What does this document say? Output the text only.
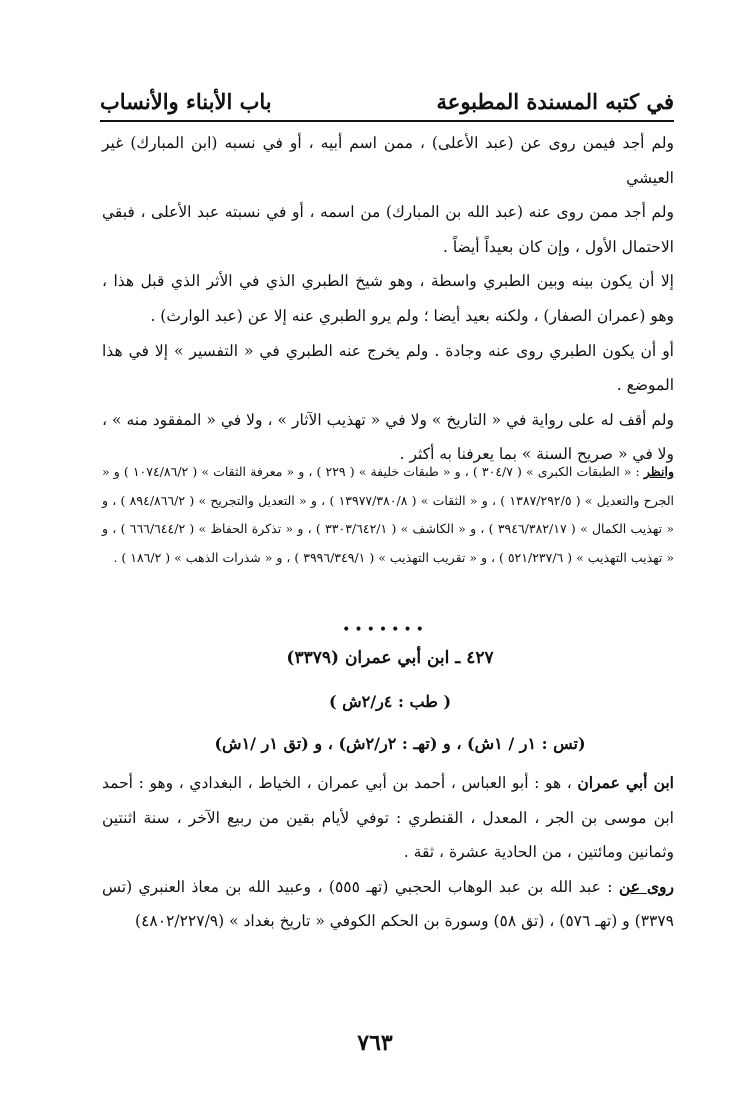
في كتبه المسندة المطبوعة
باب الأبناء والأنساب

ولم أجد فيمن روى عن (عبد الأعلى) ، ممن اسم أبيه ، أو في نسبه (ابن المبارك) غير العيشي

ولم أجد ممن روى عنه (عبد الله بن المبارك) من اسمه ، أو في نسبته عبد الأعلى ، فبقي الاحتمال الأول ، وإن كان بعيداً أيضاً .

إلا أن يكون بينه وبين الطبري واسطة ، وهو شيخ الطبري الذي في الأثر الذي قبل هذا ، وهو (عمران الصفار) ، ولكنه بعيد أيضا ؛ ولم يرو الطبري عنه إلا عن (عبد الوارث) .

أو أن يكون الطبري روى عنه وجادة . ولم يخرج عنه الطبري في « التفسير » إلا في هذا الموضع .

ولم أقف له على رواية في « التاريخ » ولا في « تهذيب الآثار » ، ولا في « المفقود منه » ، ولا في « صريح السنة » بما يعرفنا به أكثر .

وانظر : « الطبقات الكبرى » ( ٣٠٤/٧ ) ، و « طبقات خليفة » ( ٢٢٩ ) ، و « معرفة الثقات » ( ١٠٧٤/٨٦/٢ ) و « الجرح والتعديل » ( ١٣٨٧/٢٩٢/٥ ) ، و « الثقات » ( ١٣٩٧٧/٣٨٠/٨ ) ، و « التعديل والتجريح » ( ٨٩٤/٨٦٦/٢ ) ، و « تهذيب الكمال » ( ٣٩٤٦/٣٨٢/١٧ ) ، و « الكاشف » ( ٣٣٠٣/٦٤٢/١ ) ، و « تذكرة الحفاظ » ( ٦٦٦/٦٤٤/٢ ) ، و « تهذيب التهذيب » ( ٥٢١/٢٣٧/٦ ) ، و « تقريب التهذيب » ( ٣٩٩٦/٣٤٩/١ ) ، و « شذرات الذهب » ( ١٨٦/٢ ) .

•••••••
٤٢٧ ـ ابن أبي عمران (٣٣٧٩)
( طب : ٤ر/٢ش )
(تس : ١ر / ١ش) ، و (تهـ : ٢ر/٢ش) ، و (تق ١ر /١ش)

ابن أبي عمران ، هو : أبو العباس ، أحمد بن أبي عمران ، الخياط ، البغدادي ، وهو : أحمد ابن موسى بن الجر ، المعدل ، القنطري : توفي لأيام بقين من ربيع الآخر ، سنة اثنتين وثمانين ومائتين ، من الحادية عشرة ، ثقة .

روى عن : عبد الله بن عبد الوهاب الحجبي (تهـ ٥٥٥) ، وعبيد الله بن معاذ العنبري (تس ٣٣٧٩) و (تهـ ٥٧٦) ، (تق ٥٨) وسورة بن الحكم الكوفي « تاريخ بغداد » (٤٨٠٢/٢٢٧/٩)

٧٦٣
